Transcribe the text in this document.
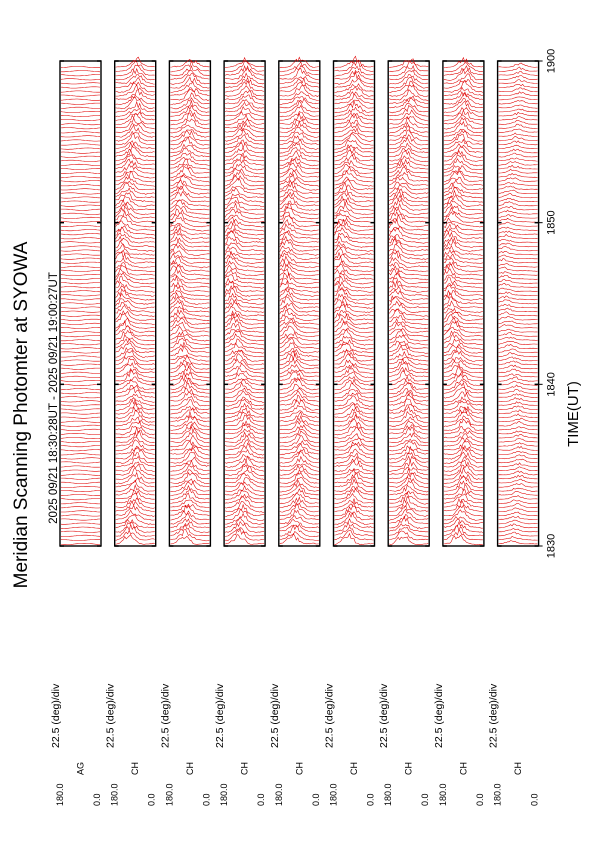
180.0	0.0
AG
22.5 (deg)/div
180.0	0.0
CH
22.5 (deg)/div
180.0	0.0
CH
22.5 (deg)/div
180.0	0.0
CH
22.5 (deg)/div
180.0	0.0
CH
22.5 (deg)/div
180.0	0.0
CH
22.5 (deg)/div
180.0	0.0
CH
22.5 (deg)/div
180.0	0.0
CH
22.5 (deg)/div
180.0	0.0
CH
22.5 (deg)/div
1830
1840
1850
1900
Meridian Scanning Photomter at SYOWA 2025 09/21 18:30:28UT - 2025 09/21 19:00:27UT	TIME(UT)
